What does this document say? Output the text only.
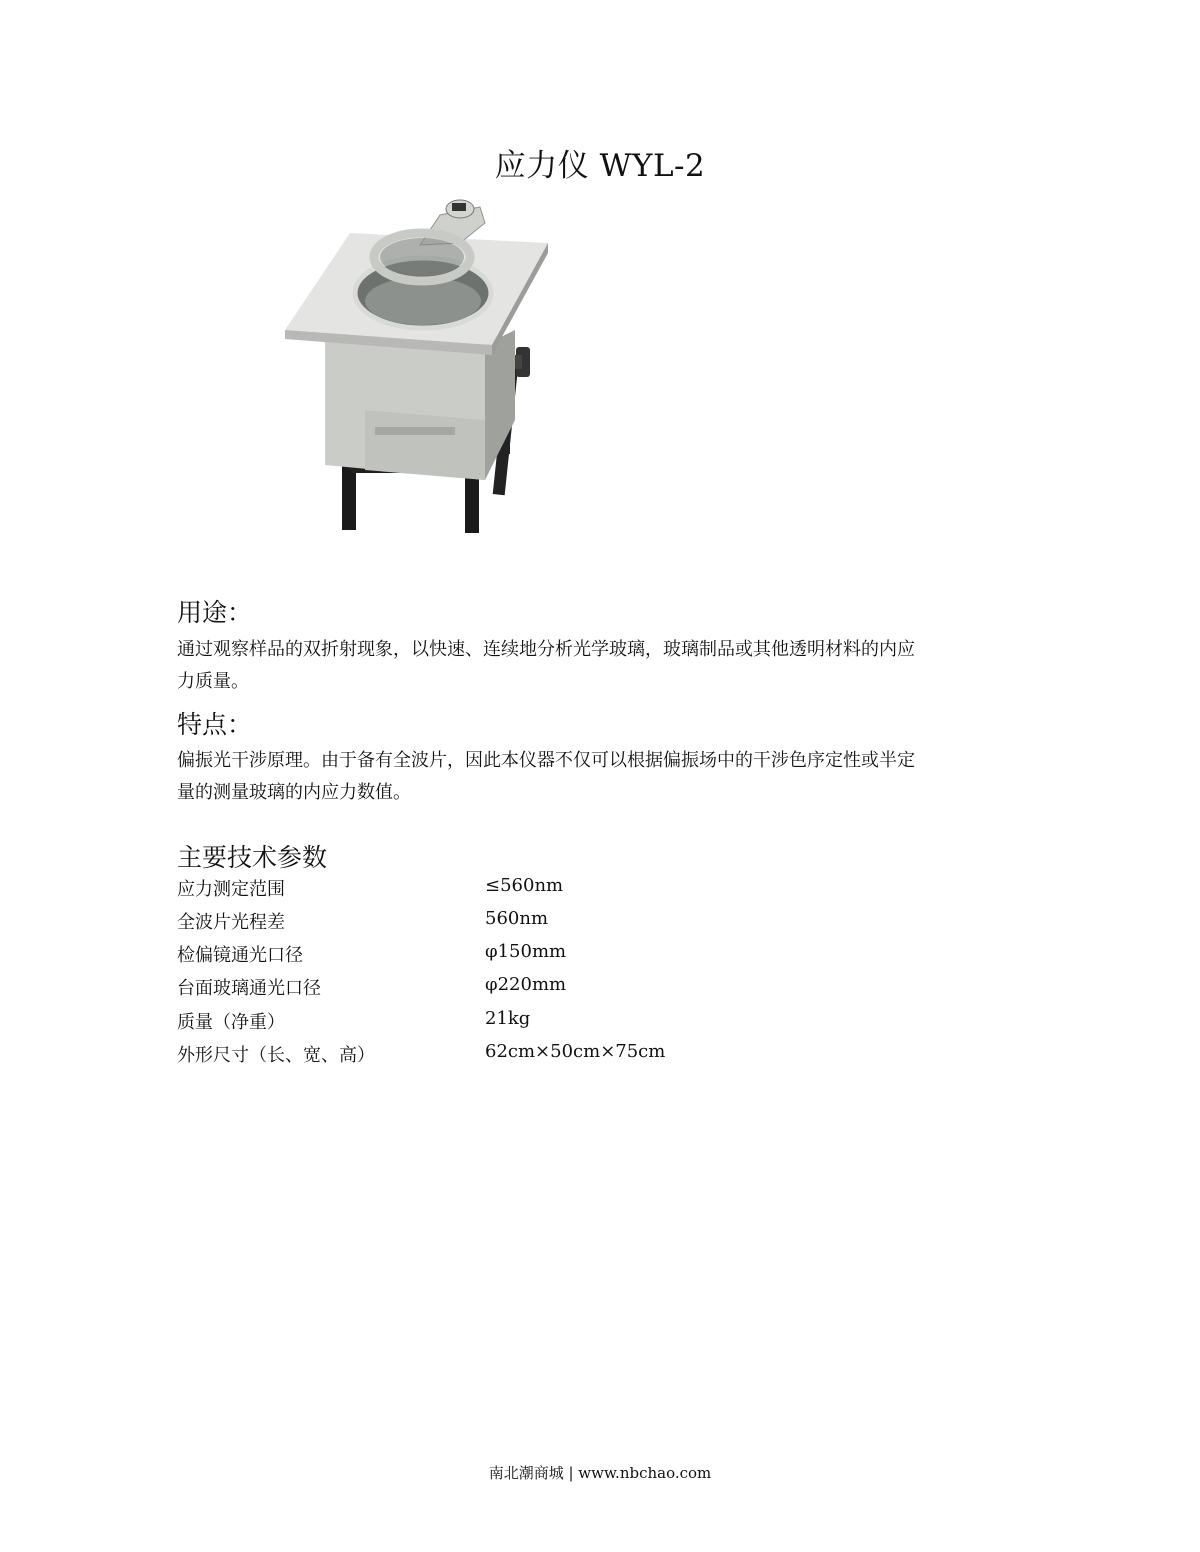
应力仪 WYL-2
用途：
通过观察样品的双折射现象，以快速、连续地分析光学玻璃，玻璃制品或其他透明材料的内应
力质量。
特点：
偏振光干涉原理。由于备有全波片，因此本仪器不仅可以根据偏振场中的干涉色序定性或半定
量的测量玻璃的内应力数值。
主要技术参数
应力测定范围	≤560nm
全波片光程差	560nm
检偏镜通光口径	φ150mm
台面玻璃通光口径	φ220mm
质量（净重）	21kg
外形尺寸（长、宽、高）	62cm×50cm×75cm
南北潮商城 | www.nbchao.com
